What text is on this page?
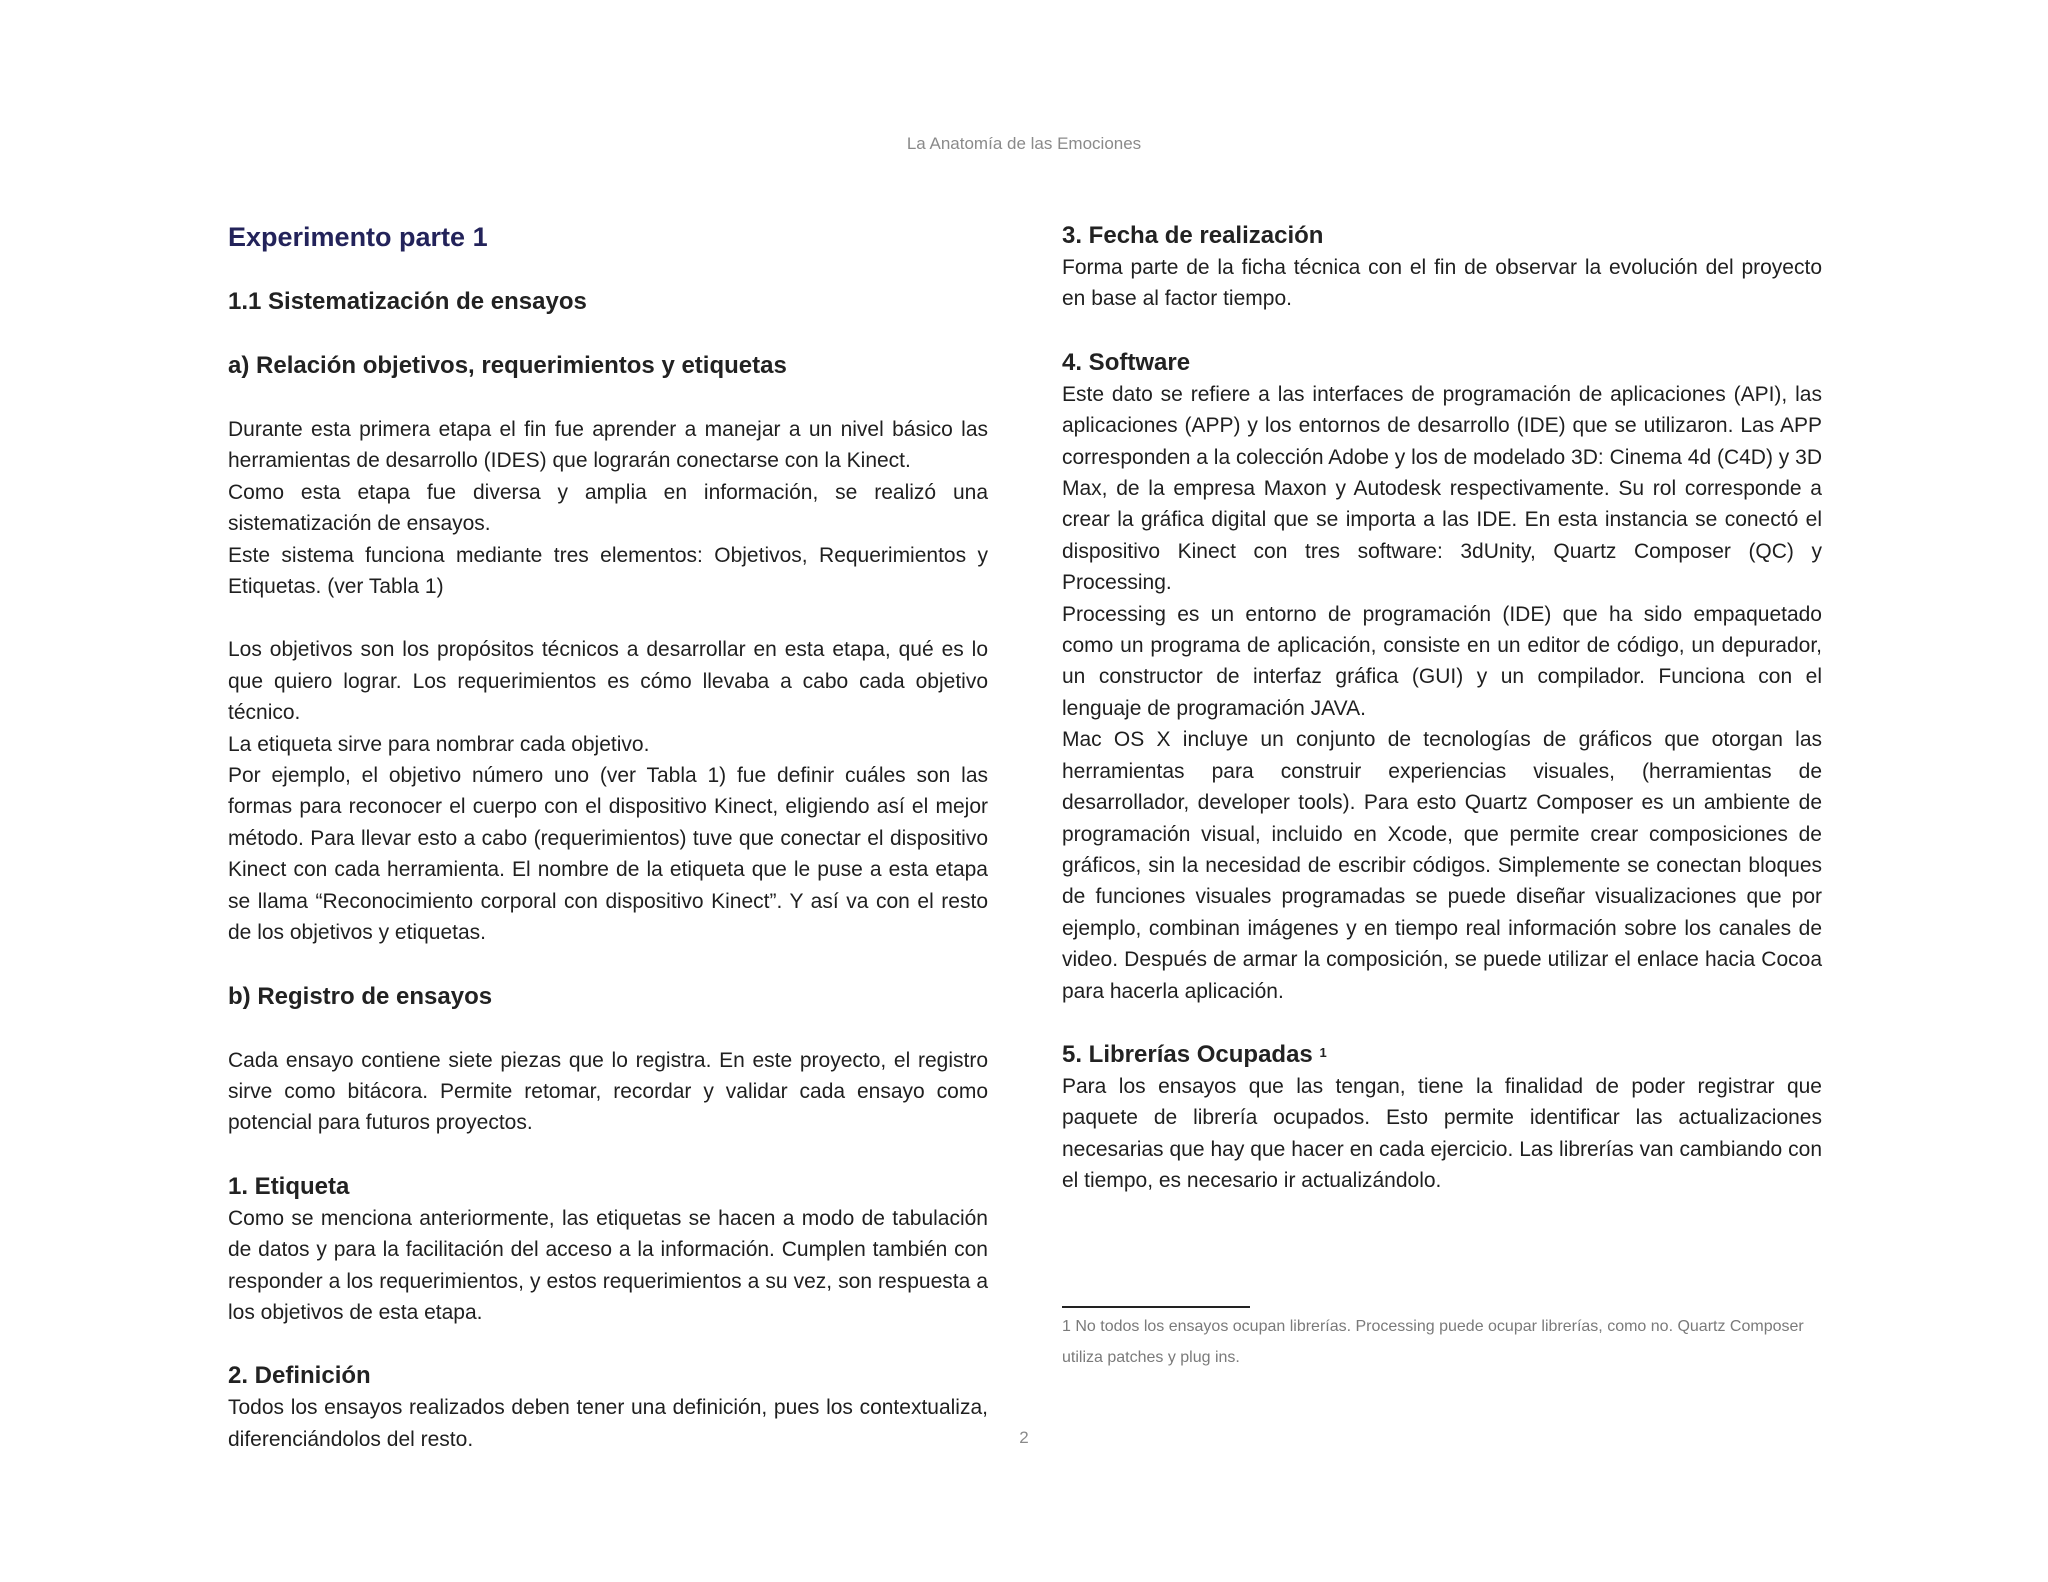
La Anatomía de las Emociones
Experimento parte 1
1.1 Sistematización de ensayos
a) Relación objetivos, requerimientos y etiquetas

Durante esta primera etapa el fin fue aprender a manejar a un nivel básico las herramientas de desarrollo (IDES) que lograrán conectarse con la Kinect.

Como esta etapa fue diversa y amplia en información, se realizó una sistematización de ensayos.

Este sistema funciona mediante tres elementos: Objetivos, Requerimientos y Etiquetas. (ver Tabla 1)

Los objetivos son los propósitos técnicos a desarrollar en esta etapa, qué es lo que quiero lograr. Los requerimientos es cómo llevaba a cabo cada objetivo técnico.

La etiqueta sirve para nombrar cada objetivo.

Por ejemplo, el objetivo número uno (ver Tabla 1) fue definir cuáles son las formas para reconocer el cuerpo con el dispositivo Kinect, eligiendo así el mejor método. Para llevar esto a cabo (requerimientos) tuve que conectar el dispositivo Kinect con cada herramienta. El nombre de la etiqueta que le puse a esta etapa se llama “Reconocimiento corporal con dispositivo Kinect”. Y así va con el resto de los objetivos y etiquetas.

b) Registro de ensayos

Cada ensayo contiene siete piezas que lo registra. En este proyecto, el registro sirve como bitácora. Permite retomar, recordar y validar cada ensayo como potencial para futuros proyectos.

1. Etiqueta

Como se menciona anteriormente, las etiquetas se hacen a modo de tabulación de datos y para la facilitación del acceso a la información. Cumplen también con responder a los requerimientos, y estos requerimientos a su vez, son respuesta a los objetivos de esta etapa.

2. Definición

Todos los ensayos realizados deben tener una definición, pues los contextualiza, diferenciándolos del resto.

3. Fecha de realización

Forma parte de la ficha técnica con el fin de observar la evolución del proyecto en base al factor tiempo.

4. Software

Este dato se refiere a las interfaces de programación de aplicaciones (API), las aplicaciones (APP) y los entornos de desarrollo (IDE) que se utilizaron. Las APP corresponden a la colección Adobe y los de modelado 3D: Cinema 4d (C4D) y 3D Max, de la empresa Maxon y Autodesk respectivamente. Su rol corresponde a crear la gráfica digital que se importa a las IDE. En esta instancia se conectó el dispositivo Kinect con tres software: 3dUnity, Quartz Composer (QC) y Processing.

Processing es un entorno de programación (IDE) que ha sido empaquetado como un programa de aplicación, consiste en un editor de código, un depurador, un constructor de interfaz gráfica (GUI) y un compilador. Funciona con el lenguaje de programación JAVA.

Mac OS X incluye un conjunto de tecnologías de gráficos que otorgan las herramientas para construir experiencias visuales, (herramientas de desarrollador, developer tools). Para esto Quartz Composer es un ambiente de programación visual, incluido en Xcode, que permite crear composiciones de gráficos, sin la necesidad de escribir códigos. Simplemente se conectan bloques de funciones visuales programadas se puede diseñar visualizaciones que por ejemplo, combinan imágenes y en tiempo real información sobre los canales de video. Después de armar la composición, se puede utilizar el enlace hacia Cocoa para hacerla aplicación.

5. Librerías Ocupadas $^1$

Para los ensayos que las tengan, tiene la finalidad de poder registrar que paquete de librería ocupados. Esto permite identificar las actualizaciones necesarias que hay que hacer en cada ejercicio. Las librerías van cambiando con el tiempo, es necesario ir actualizándolo.

1 No todos los ensayos ocupan librerías. Processing puede ocupar librerías, como no. Quartz Composer utiliza patches y plug ins.
2
